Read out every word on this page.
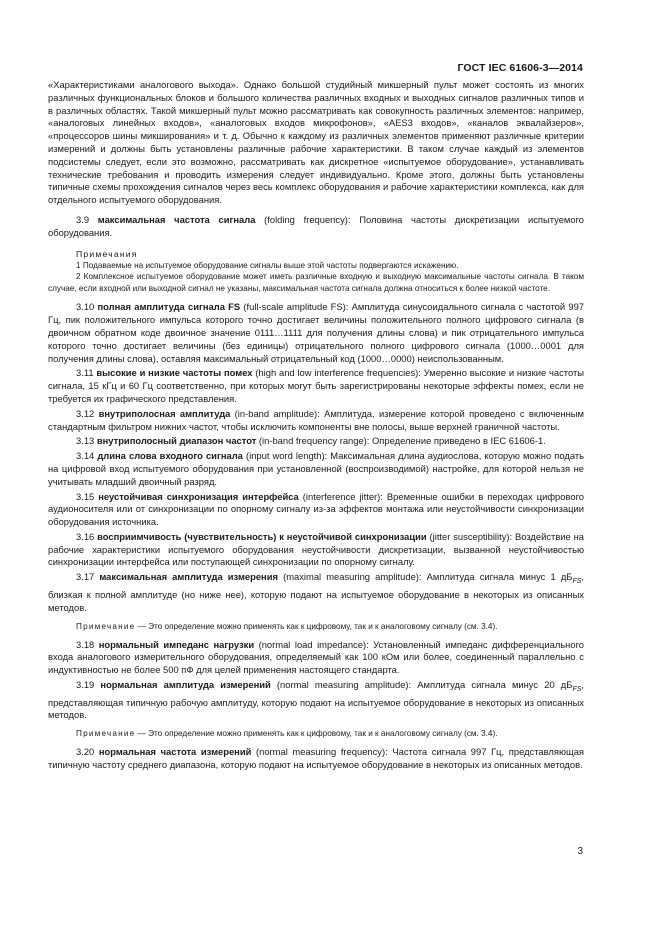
ГОСТ IEC 61606-3—2014

«Характеристиками аналогового выхода». Однако большой студийный микшерный пульт может состоять из многих различных функциональных блоков и большого количества различных входных и выходных сигналов различных типов и в различных областях. Такой микшерный пульт можно рассматривать как совокупность различных элементов: например, «аналоговых линейных входов», «аналоговых входов микрофонов», «AES3 входов», «каналов эквалайзеров», «процессоров шины микширования» и т. д. Обычно к каждому из различных элементов применяют различные критерии измерений и должны быть установлены различные рабочие характеристики. В таком случае каждый из элементов подсистемы следует, если это возможно, рассматривать как дискретное «испытуемое оборудование», устанавливать технические требования и проводить измерения следует индивидуально. Кроме этого, должны быть установлены типичные схемы прохождения сигналов через весь комплекс оборудования и рабочие характеристики комплекса, как для отдельного испытуемого оборудования.

3.9 максимальная частота сигнала (folding frequency): Половина частоты дискретизации испытуемого оборудования.

Примечания

1 Подаваемые на испытуемое оборудование сигналы выше этой частоты подвергаются искажению.

2 Комплексное испытуемое оборудование может иметь различные входную и выходную максимальные частоты сигнала. В таком случае, если входной или выходной сигнал не указаны, максимальная частота сигнала должна относиться к более низкой частоте.

3.10 полная амплитуда сигнала FS (full-scale amplitude FS): Амплитуда синусоидального сигнала с частотой 997 Гц, пик положительного импульса которого точно достигает величины положительного полного цифрового сигнала (в двоичном обратном коде двоичное значение 0111…1111 для получения длины слова) и пик отрицательного импульса которого точно достигает величины (без единицы) отрицательного полного цифрового сигнала (1000…0001 для получения длины слова), оставляя максимальный отрицательный код (1000…0000) неиспользованным.

3.11 высокие и низкие частоты помех (high and low interference frequencies): Умеренно высокие и низкие частоты сигнала, 15 кГц и 60 Гц соответственно, при которых могут быть зарегистрированы некоторые эффекты помех, если не требуется их графического представления.

3.12 внутриполосная амплитуда (in-band amplitude): Амплитуда, измерение которой проведено с включенным стандартным фильтром нижних частот, чтобы исключить компоненты вне полосы, выше верхней граничной частоты.

3.13 внутриполосный диапазон частот (in-band frequency range): Определение приведено в IEC 61606-1.

3.14 длина слова входного сигнала (input word length): Максимальная длина аудиослова, которую можно подать на цифровой вход испытуемого оборудования при установленной (воспроизводимой) настройке, для которой нельзя не учитывать младший двоичный разряд.

3.15 неустойчивая синхронизация интерфейса (interference jitter): Временные ошибки в переходах цифрового аудионосителя или от синхронизации по опорному сигналу из-за эффектов монтажа или неустойчивости синхронизации оборудования источника.

3.16 восприимчивость (чувствительность) к неустойчивой синхронизации (jitter susceptibility): Воздействие на рабочие характеристики испытуемого оборудования неустойчивости дискретизации, вызванной неустойчивостью синхронизации интерфейса или поступающей синхронизации по опорному сигналу.

3.17 максимальная амплитуда измерения (maximal measuring amplitude): Амплитуда сигнала минус 1 $дБ_{FS}$, близкая к полной амплитуде (но ниже нее), которую подают на испытуемое оборудование в некоторых из описанных методов.

Примечание — Это определение можно применять как к цифровому, так и к аналоговому сигналу (см. 3.4).

3.18 нормальный импеданс нагрузки (normal load impedance): Установленный импеданс дифференциального входа аналогового измерительного оборудования, определяемый как 100 кОм или более, соединенный параллельно с индуктивностью не более 500 пФ для целей применения настоящего стандарта.

3.19 нормальная амплитуда измерений (normal measuring amplitude): Амплитуда сигнала минус 20 $дБ_{FS}$, представляющая типичную рабочую амплитуду, которую подают на испытуемое оборудование в некоторых из описанных методов.

Примечание — Это определение можно применять как к цифровому, так и к аналоговому сигналу (см. 3.4).

3.20 нормальная частота измерений (normal measuring frequency): Частота сигнала 997 Гц, представляющая типичную частоту среднего диапазона, которую подают на испытуемое оборудование в некоторых из описанных методов.

3
